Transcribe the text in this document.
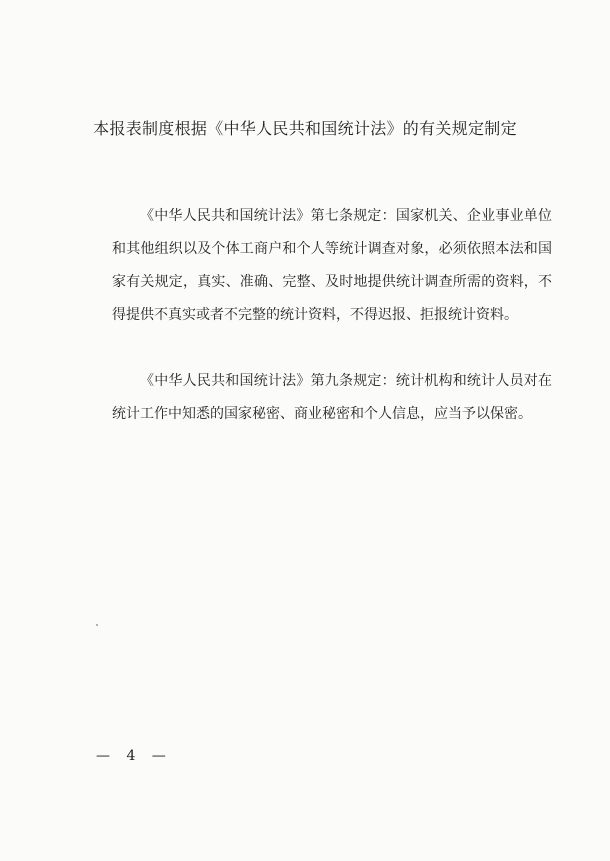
本报表制度根据《中华人民共和国统计法》的有关规定制定

《中华人民共和国统计法》第七条规定：国家机关、企业事业单位和其他组织以及个体工商户和个人等统计调查对象，必须依照本法和国家有关规定，真实、准确、完整、及时地提供统计调查所需的资料，不得提供不真实或者不完整的统计资料，不得迟报、拒报统计资料。

《中华人民共和国统计法》第九条规定：统计机构和统计人员对在统计工作中知悉的国家秘密、商业秘密和个人信息，应当予以保密。

— 4 —
